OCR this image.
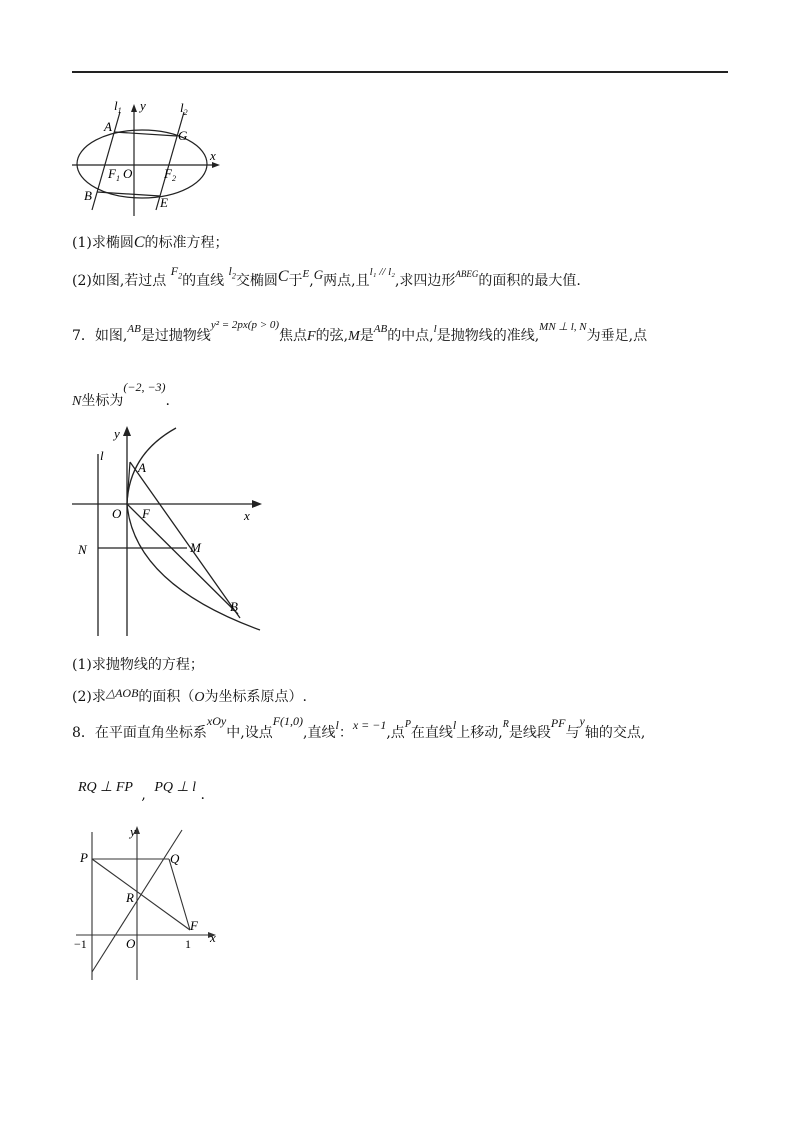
$l_1$ y	$l_2$
A
G
x
$F_1$ O $F_2$
B	E
(1)求椭圆C的标准方程；
(2)如图,若过点 $F_2$的直线 $l_2$交椭圆C于$^E$,G两点,且$^{l_1 // l_2}$,求四边形$^{ABEG}$的面积的最大值.
7．如图,$^{AB}$是过抛物线$^{y^2 = 2px(p > 0)}$焦点F的弦,M是$^{AB}$的中点,$^l$是抛物线的准线,$^{MN \perp l, N}$为垂足,点
N坐标为(−2, −3).
y
l
A
O F	x
N	M
B
(1)求抛物线的方程；
(2)求△AOB的面积（O为坐标系原点）.
8．在平面直角坐标系xOy中,设点F(1,0),直线l：x = −1,点$^P$在直线l上移动,$^R$是线段PF与y轴的交点,
RQ ⊥ FP , PQ ⊥ l .
y
P	Q
R
F
−1	O	1 x
